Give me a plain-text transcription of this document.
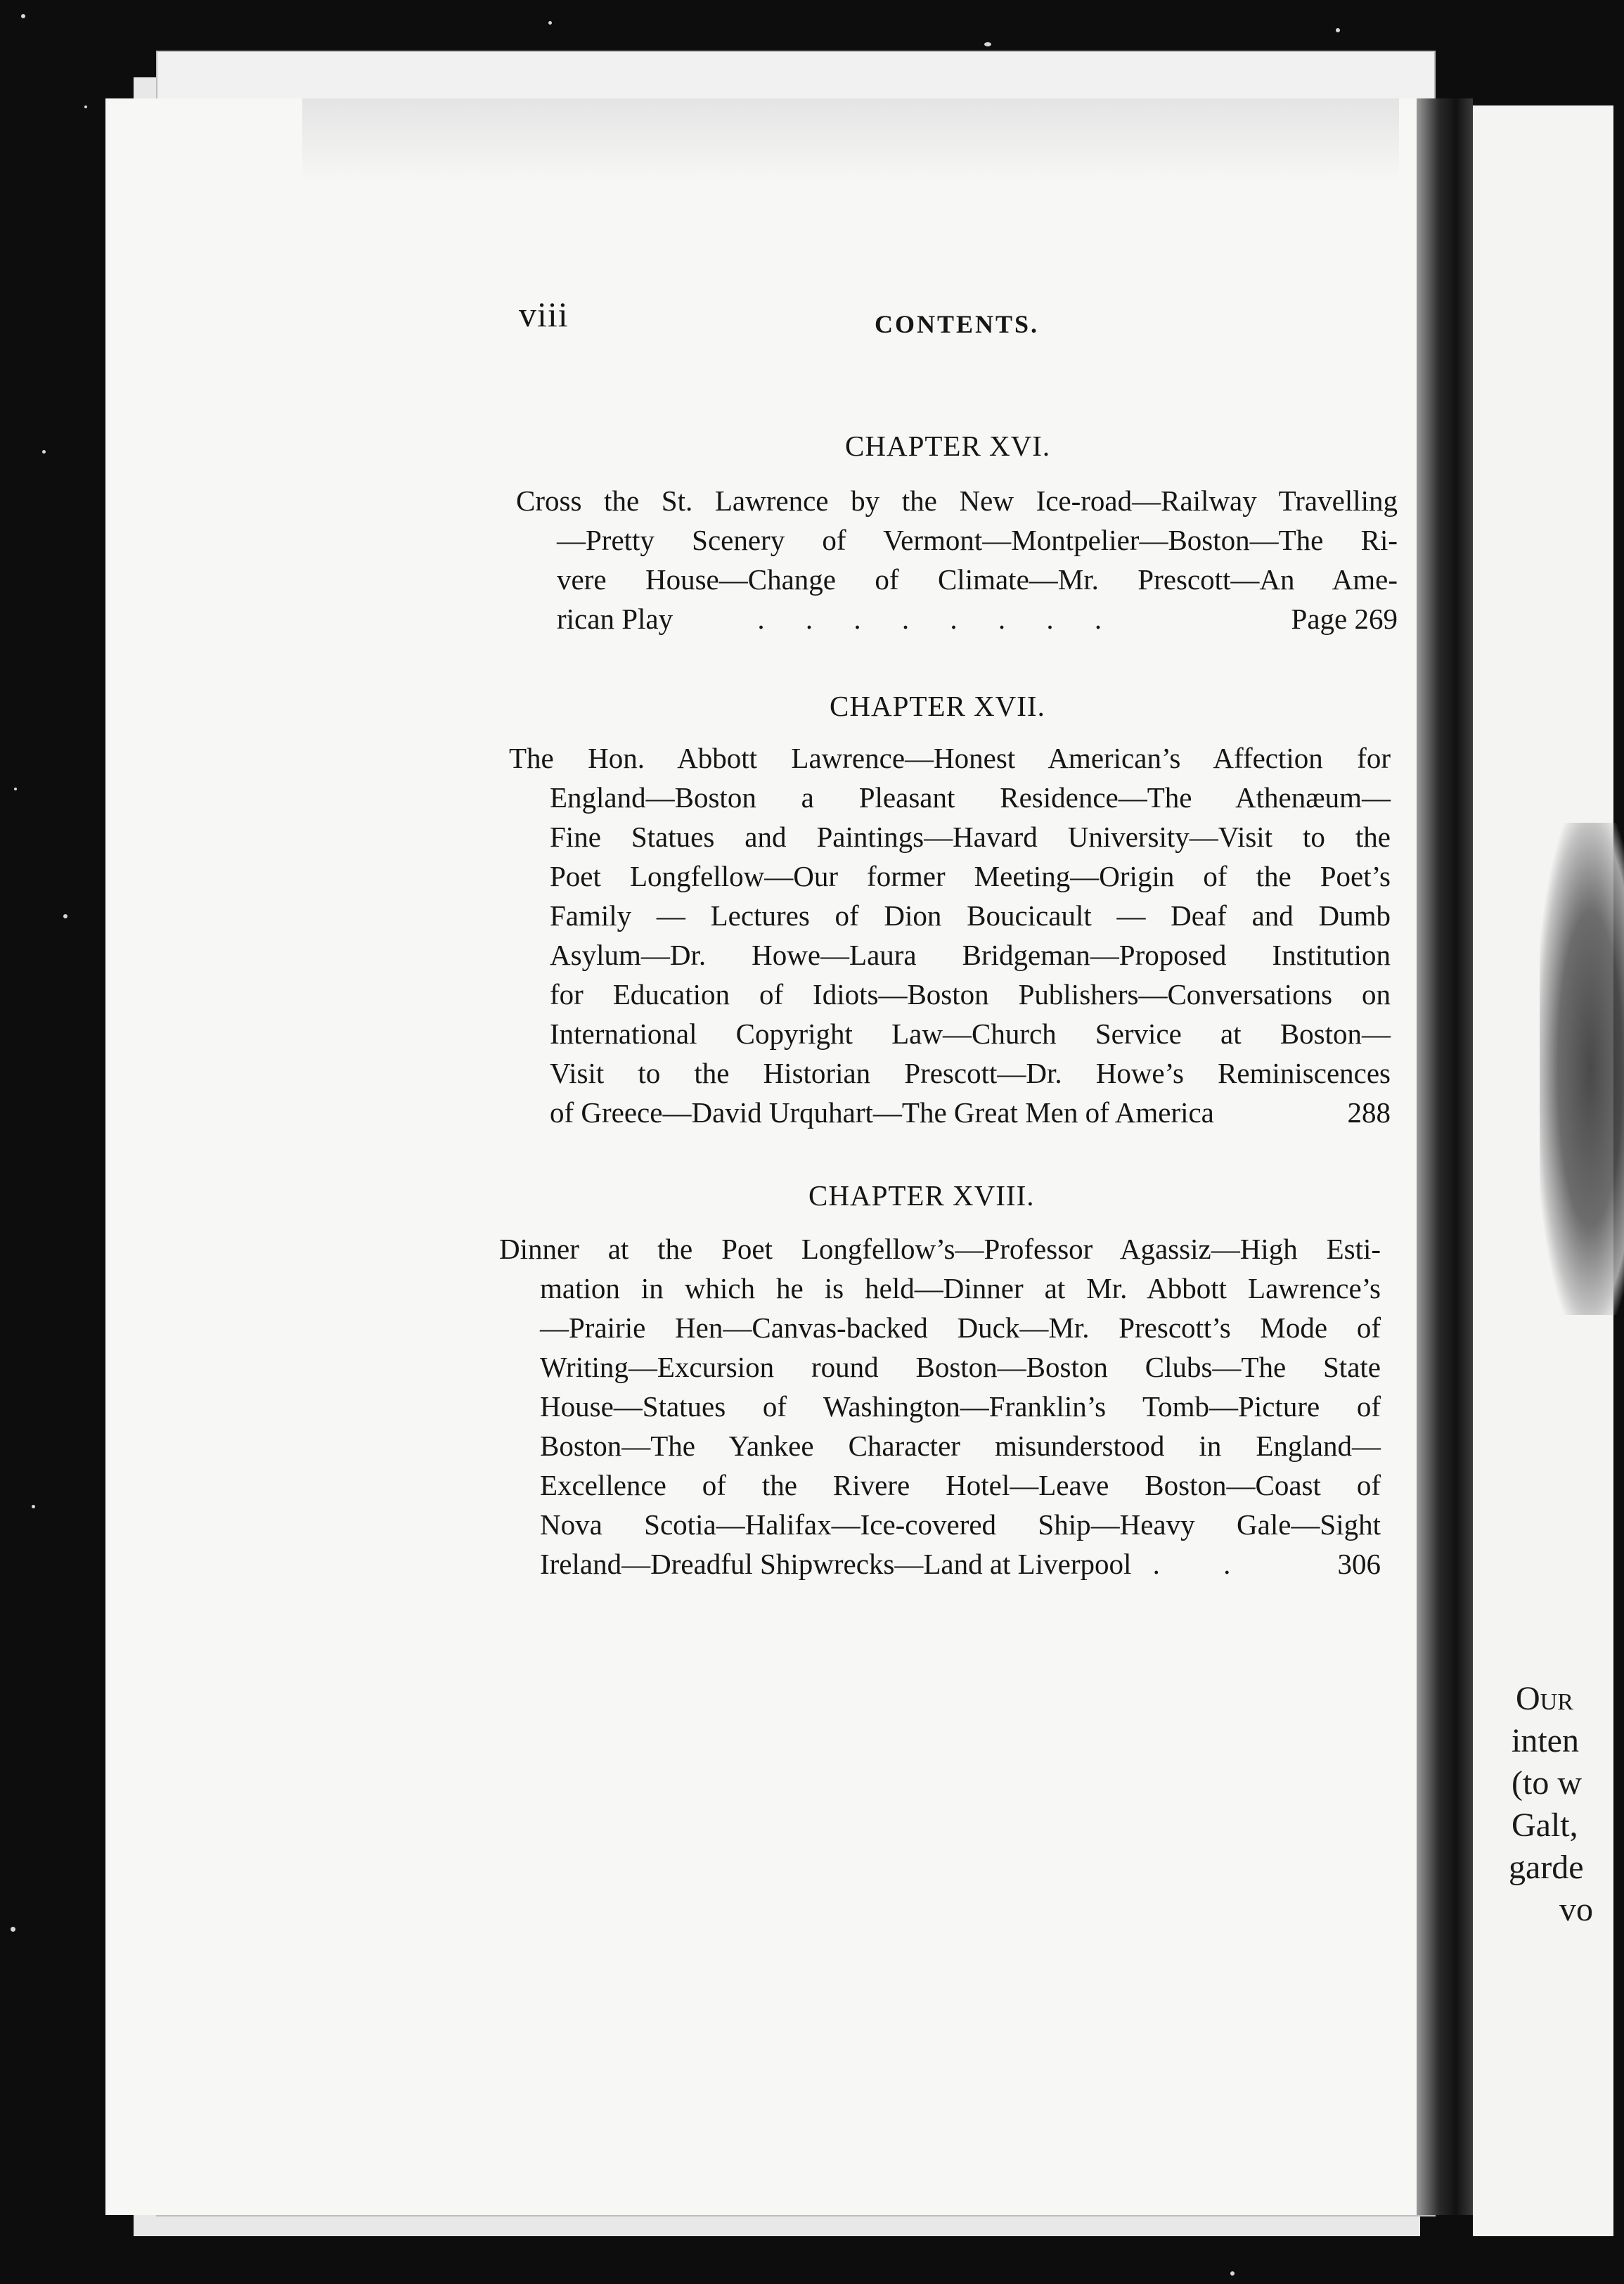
Our
inten
(to w
Galt,
garde
vo
viii	CONTENTS.
CHAPTER XVI.
Cross the St. Lawrence by the New Ice-road—Railway Travelling
—Pretty Scenery of Vermont—Montpelier—Boston—The Ri-
vere House—Change of Climate—Mr. Prescott—An Ame-
rican Play	. . . . . . . .	Page 269
CHAPTER XVII.
The Hon. Abbott Lawrence—Honest American’s Affection for
England—Boston a Pleasant Residence—The Athenæum—
Fine Statues and Paintings—Havard University—Visit to the
Poet Longfellow—Our former Meeting—Origin of the Poet’s
Family — Lectures of Dion Boucicault — Deaf and Dumb
Asylum—Dr. Howe—Laura Bridgeman—Proposed Institution
for Education of Idiots—Boston Publishers—Conversations on
International Copyright Law—Church Service at Boston—
Visit to the Historian Prescott—Dr. Howe’s Reminiscences
of Greece—David Urquhart—The Great Men of America	288
CHAPTER XVIII.
Dinner at the Poet Longfellow’s—Professor Agassiz—High Esti-
mation in which he is held—Dinner at Mr. Abbott Lawrence’s
—Prairie Hen—Canvas-backed Duck—Mr. Prescott’s Mode of
Writing—Excursion round Boston—Boston Clubs—The State
House—Statues of Washington—Franklin’s Tomb—Picture of
Boston—The Yankee Character misunderstood in England—
Excellence of the Rivere Hotel—Leave Boston—Coast of
Nova Scotia—Halifax—Ice-covered Ship—Heavy Gale—Sight
Ireland—Dreadful Shipwrecks—Land at Liverpool . .	306
